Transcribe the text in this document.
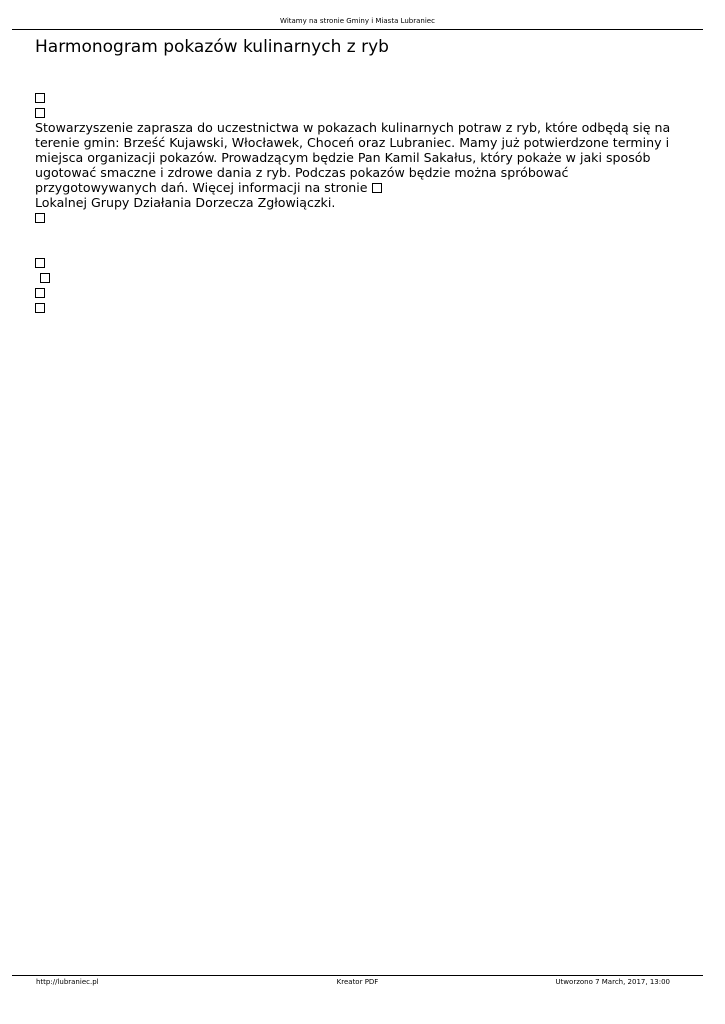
Witamy na stronie Gminy i Miasta Lubraniec
Harmonogram pokazów kulinarnych z ryb
Stowarzyszenie zaprasza do uczestnictwa w pokazach kulinarnych potraw z ryb, które odbędą się na terenie gmin: Brześć Kujawski, Włocławek, Choceń oraz Lubraniec. Mamy już potwierdzone terminy i miejsca organizacji pokazów. Prowadzącym będzie Pan Kamil Sakałus, który pokaże w jaki sposób ugotować smaczne i zdrowe dania z ryb. Podczas pokazów będzie można spróbować przygotowywanych dań. Więcej informacji na stronie
Lokalnej Grupy Działania Dorzecza Zgłowiączki.
http://lubraniec.pl	Kreator PDF	Utworzono 7 March, 2017, 13:00
